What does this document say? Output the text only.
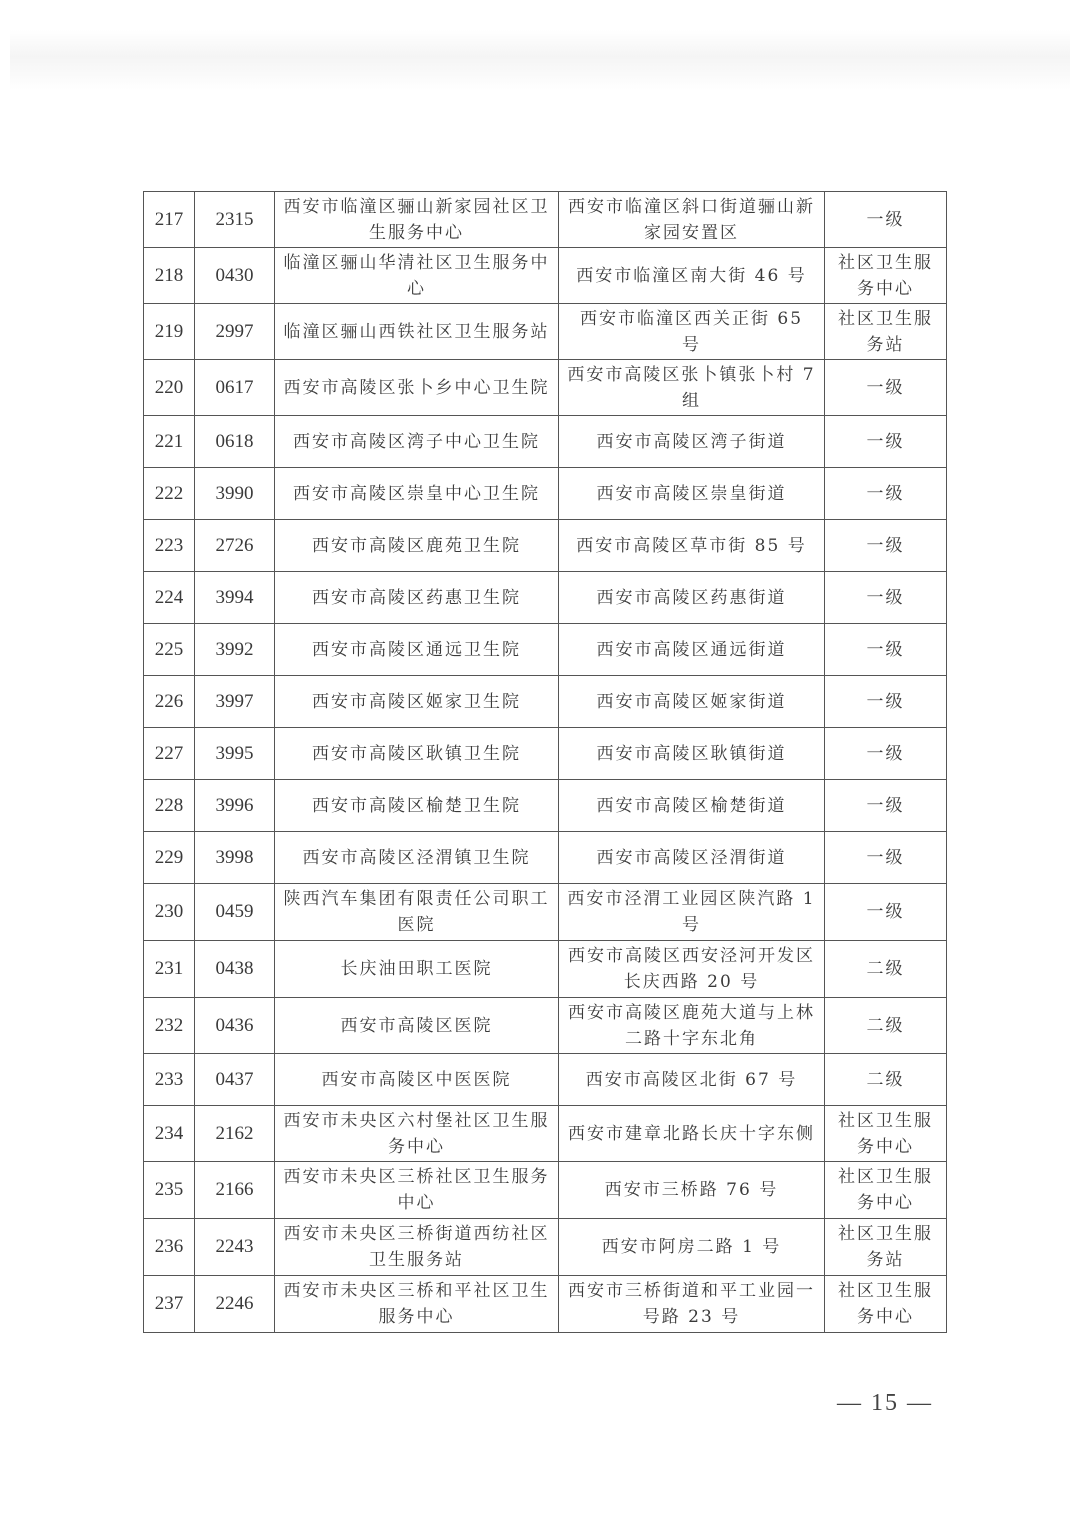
217	2315	西安市临潼区骊山新家园社区卫生服务中心	西安市临潼区斜口街道骊山新家园安置区	一级
218	0430	临潼区骊山华清社区卫生服务中心	西安市临潼区南大街 46 号	社区卫生服务中心
219	2997	临潼区骊山西铁社区卫生服务站	西安市临潼区西关正街 65 号	社区卫生服务站
220	0617	西安市高陵区张卜乡中心卫生院	西安市高陵区张卜镇张卜村 7 组	一级
221	0618	西安市高陵区湾子中心卫生院	西安市高陵区湾子街道	一级
222	3990	西安市高陵区崇皇中心卫生院	西安市高陵区崇皇街道	一级
223	2726	西安市高陵区鹿苑卫生院	西安市高陵区草市街 85 号	一级
224	3994	西安市高陵区药惠卫生院	西安市高陵区药惠街道	一级
225	3992	西安市高陵区通远卫生院	西安市高陵区通远街道	一级
226	3997	西安市高陵区姬家卫生院	西安市高陵区姬家街道	一级
227	3995	西安市高陵区耿镇卫生院	西安市高陵区耿镇街道	一级
228	3996	西安市高陵区榆楚卫生院	西安市高陵区榆楚街道	一级
229	3998	西安市高陵区泾渭镇卫生院	西安市高陵区泾渭街道	一级
230	0459	陕西汽车集团有限责任公司职工医院	西安市泾渭工业园区陕汽路 1 号	一级
231	0438	长庆油田职工医院	西安市高陵区西安泾河开发区长庆西路 20 号	二级
232	0436	西安市高陵区医院	西安市高陵区鹿苑大道与上林二路十字东北角	二级
233	0437	西安市高陵区中医医院	西安市高陵区北街 67 号	二级
234	2162	西安市未央区六村堡社区卫生服务中心	西安市建章北路长庆十字东侧	社区卫生服务中心
235	2166	西安市未央区三桥社区卫生服务中心	西安市三桥路 76 号	社区卫生服务中心
236	2243	西安市未央区三桥街道西纺社区卫生服务站	西安市阿房二路 1 号	社区卫生服务站
237	2246	西安市未央区三桥和平社区卫生服务中心	西安市三桥街道和平工业园一号路 23 号	社区卫生服务中心
— 15 —
